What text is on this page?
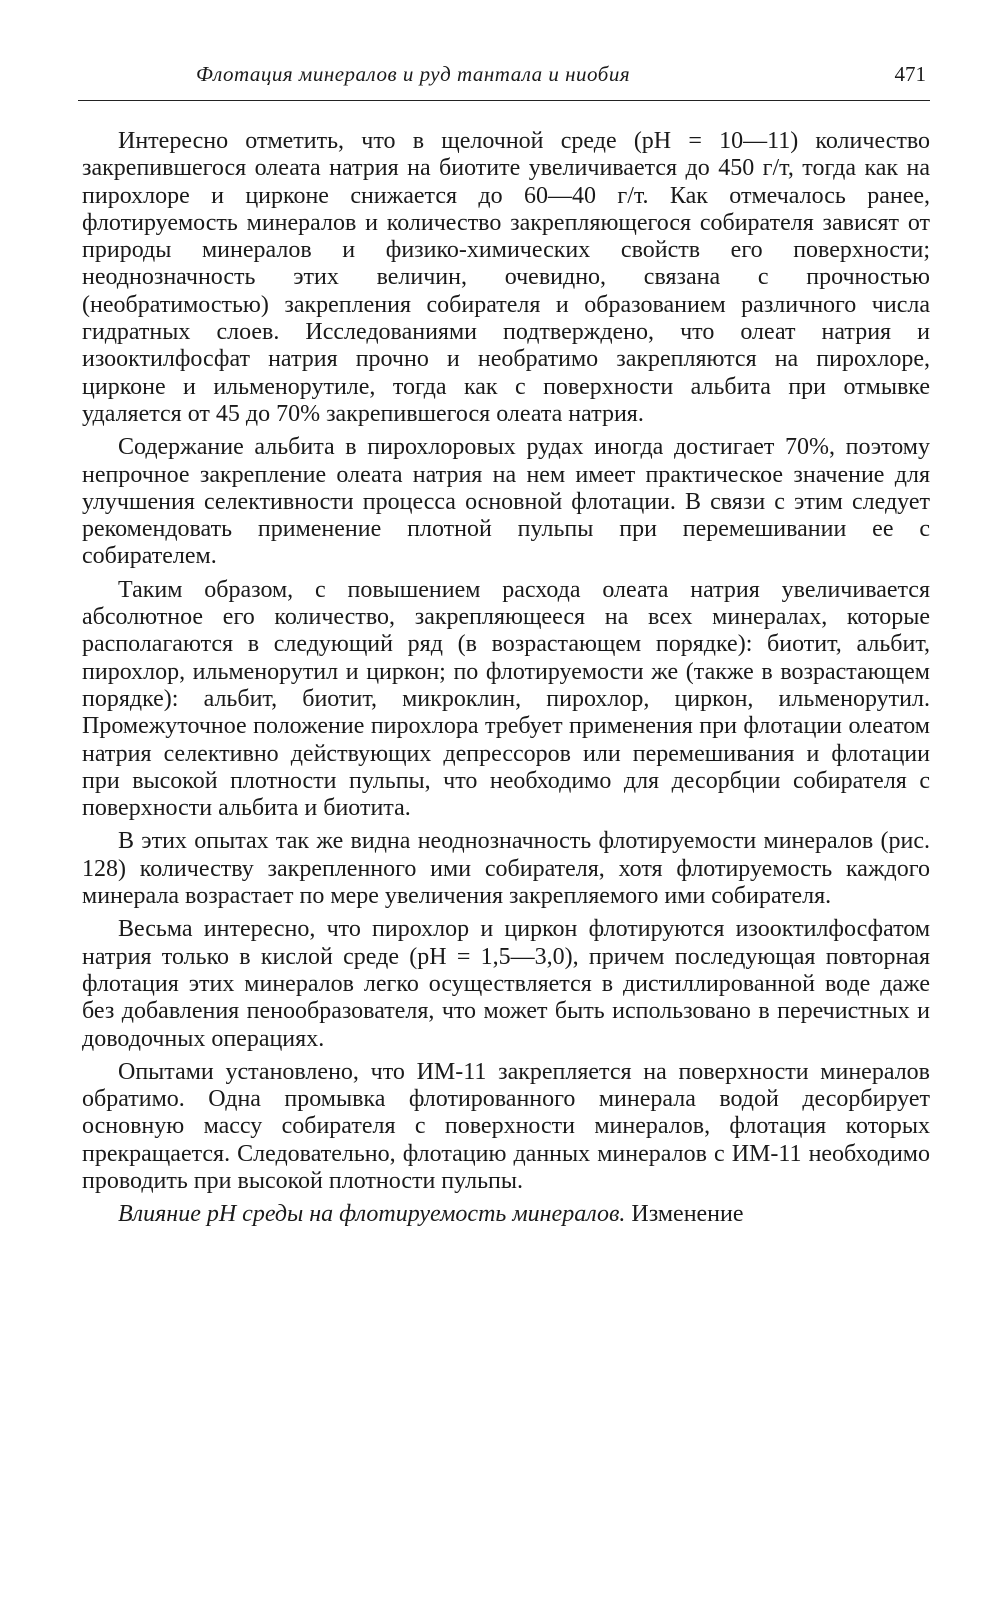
Флотация минералов и руд тантала и ниобия	471

Интересно отметить, что в щелочной среде (pH = 10—11) количество закрепившегося олеата натрия на биотите увеличивается до 450 г/т, тогда как на пирохлоре и цирконе снижается до 60—40 г/т. Как отмечалось ранее, флотируемость минералов и количество закрепляющегося собирателя зависят от природы минералов и физико-химических свойств его поверхности; неоднозначность этих величин, очевидно, связана с прочностью (необратимостью) закрепления собирателя и образованием различного числа гидратных слоев. Исследованиями подтверждено, что олеат натрия и изооктилфосфат натрия прочно и необратимо закрепляются на пирохлоре, цирконе и ильменорутиле, тогда как с поверхности альбита при отмывке удаляется от 45 до 70% закрепившегося олеата натрия.

Содержание альбита в пирохлоровых рудах иногда достигает 70%, поэтому непрочное закрепление олеата натрия на нем имеет практическое значение для улучшения селективности процесса основной флотации. В связи с этим следует рекомендовать применение плотной пульпы при перемешивании ее с собирателем.

Таким образом, с повышением расхода олеата натрия увеличивается абсолютное его количество, закрепляющееся на всех минералах, которые располагаются в следующий ряд (в возрастающем порядке): биотит, альбит, пирохлор, ильменорутил и циркон; по флотируемости же (также в возрастающем порядке): альбит, биотит, микроклин, пирохлор, циркон, ильменорутил. Промежуточное положение пирохлора требует применения при флотации олеатом натрия селективно действующих депрессоров или перемешивания и флотации при высокой плотности пульпы, что необходимо для десорбции собирателя с поверхности альбита и биотита.

В этих опытах так же видна неоднозначность флотируемости минералов (рис. 128) количеству закрепленного ими собирателя, хотя флотируемость каждого минерала возрастает по мере увеличения закрепляемого ими собирателя.

Весьма интересно, что пирохлор и циркон флотируются изооктилфосфатом натрия только в кислой среде (pH = 1,5—3,0), причем последующая повторная флотация этих минералов легко осуществляется в дистиллированной воде даже без добавления пенообразователя, что может быть использовано в перечистных и доводочных операциях.

Опытами установлено, что ИМ-11 закрепляется на поверхности минералов обратимо. Одна промывка флотированного минерала водой десорбирует основную массу собирателя с поверхности минералов, флотация которых прекращается. Следовательно, флотацию данных минералов с ИМ-11 необходимо проводить при высокой плотности пульпы.

Влияние pH среды на флотируемость минералов. Изменение
